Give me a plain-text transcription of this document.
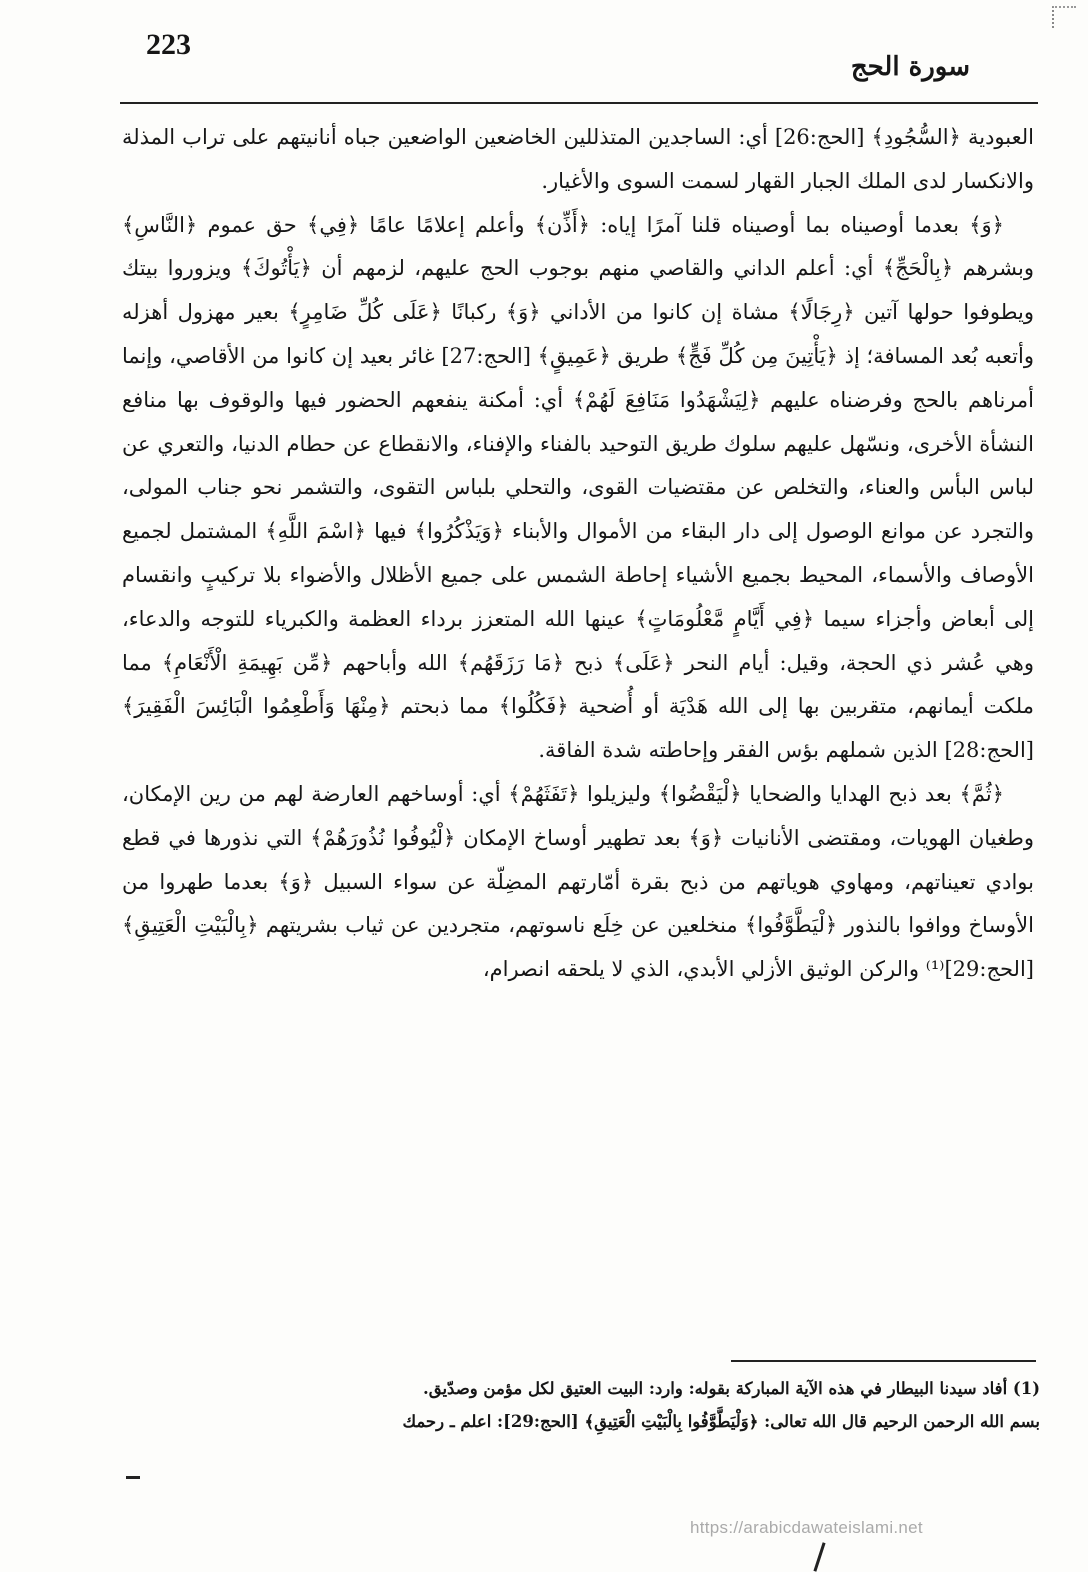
223
سورة الحج

العبودية ﴿السُّجُودِ﴾ [الحج:26] أي: الساجدين المتذللين الخاضعين الواضعين جباه أنانيتهم على تراب المذلة والانكسار لدى الملك الجبار القهار لسمت السوى والأغيار.

﴿وَ﴾ بعدما أوصيناه بما أوصيناه قلنا آمرًا إياه: ﴿أَذِّن﴾ وأعلم إعلامًا عامًا ﴿فِي﴾ حق عموم ﴿النَّاسِ﴾ وبشرهم ﴿بِالْحَجِّ﴾ أي: أعلم الداني والقاصي منهم بوجوب الحج عليهم، لزمهم أن ﴿يَأْتُوكَ﴾ ويزوروا بيتك ويطوفوا حولها آتين ﴿رِجَالًا﴾ مشاة إن كانوا من الأداني ﴿وَ﴾ ركبانًا ﴿عَلَى كُلِّ ضَامِرٍ﴾ بعير مهزول أهزله وأتعبه بُعد المسافة؛ إذ ﴿يَأْتِينَ مِن كُلِّ فَجٍّ﴾ طريق ﴿عَمِيقٍ﴾ [الحج:27] غائر بعيد إن كانوا من الأقاصي، وإنما أمرناهم بالحج وفرضناه عليهم ﴿لِيَشْهَدُوا مَنَافِعَ لَهُمْ﴾ أي: أمكنة ينفعهم الحضور فيها والوقوف بها منافع النشأة الأخرى، ونسّهل عليهم سلوك طريق التوحيد بالفناء والإفناء، والانقطاع عن حطام الدنيا، والتعري عن لباس البأس والعناء، والتخلص عن مقتضيات القوى، والتحلي بلباس التقوى، والتشمر نحو جناب المولى، والتجرد عن موانع الوصول إلى دار البقاء من الأموال والأبناء ﴿وَيَذْكُرُوا﴾ فيها ﴿اسْمَ اللَّهِ﴾ المشتمل لجميع الأوصاف والأسماء، المحيط بجميع الأشياء إحاطة الشمس على جميع الأظلال والأضواء بلا تركيبٍ وانقسام إلى أبعاض وأجزاء سيما ﴿فِي أَيَّامٍ مَّعْلُومَاتٍ﴾ عينها الله المتعزز برداء العظمة والكبرياء للتوجه والدعاء، وهي عُشر ذي الحجة، وقيل: أيام النحر ﴿عَلَى﴾ ذبح ﴿مَا رَزَقَهُم﴾ الله وأباحهم ﴿مِّن بَهِيمَةِ الْأَنْعَامِ﴾ مما ملكت أيمانهم، متقربين بها إلى الله هَدْيَة أو أُضحية ﴿فَكُلُوا﴾ مما ذبحتم ﴿مِنْهَا وَأَطْعِمُوا الْبَائِسَ الْفَقِيرَ﴾ [الحج:28] الذين شملهم بؤس الفقر وإحاطته شدة الفاقة.

﴿ثُمَّ﴾ بعد ذبح الهدايا والضحايا ﴿لْيَقْضُوا﴾ وليزيلوا ﴿تَفَثَهُمْ﴾ أي: أوساخهم العارضة لهم من رين الإمكان، وطغيان الهويات، ومقتضى الأنانيات ﴿وَ﴾ بعد تطهير أوساخ الإمكان ﴿لْيُوفُوا نُذُورَهُمْ﴾ التي نذورها في قطع بوادي تعيناتهم، ومهاوي هوياتهم من ذبح بقرة أمّارتهم المضِلّة عن سواء السبيل ﴿وَ﴾ بعدما طهروا من الأوساخ ووافوا بالنذور ﴿لْيَطَّوَّفُوا﴾ منخلعين عن خِلَع ناسوتهم، متجردين عن ثياب بشريتهم ﴿بِالْبَيْتِ الْعَتِيقِ﴾ [الحج:29]⁽¹⁾ والركن الوثيق الأزلي الأبدي، الذي لا يلحقه انصرام،

(1) أفاد سيدنا البيطار في هذه الآية المباركة بقوله: وارد: البيت العتيق لكل مؤمن وصدّيق.

بسم الله الرحمن الرحيم قال الله تعالى: ﴿وَلْيَطَّوَّفُوا بِالْبَيْتِ الْعَتِيقِ﴾ [الحج:29]: اعلم ـ رحمك

https://arabicdawateislami.net
